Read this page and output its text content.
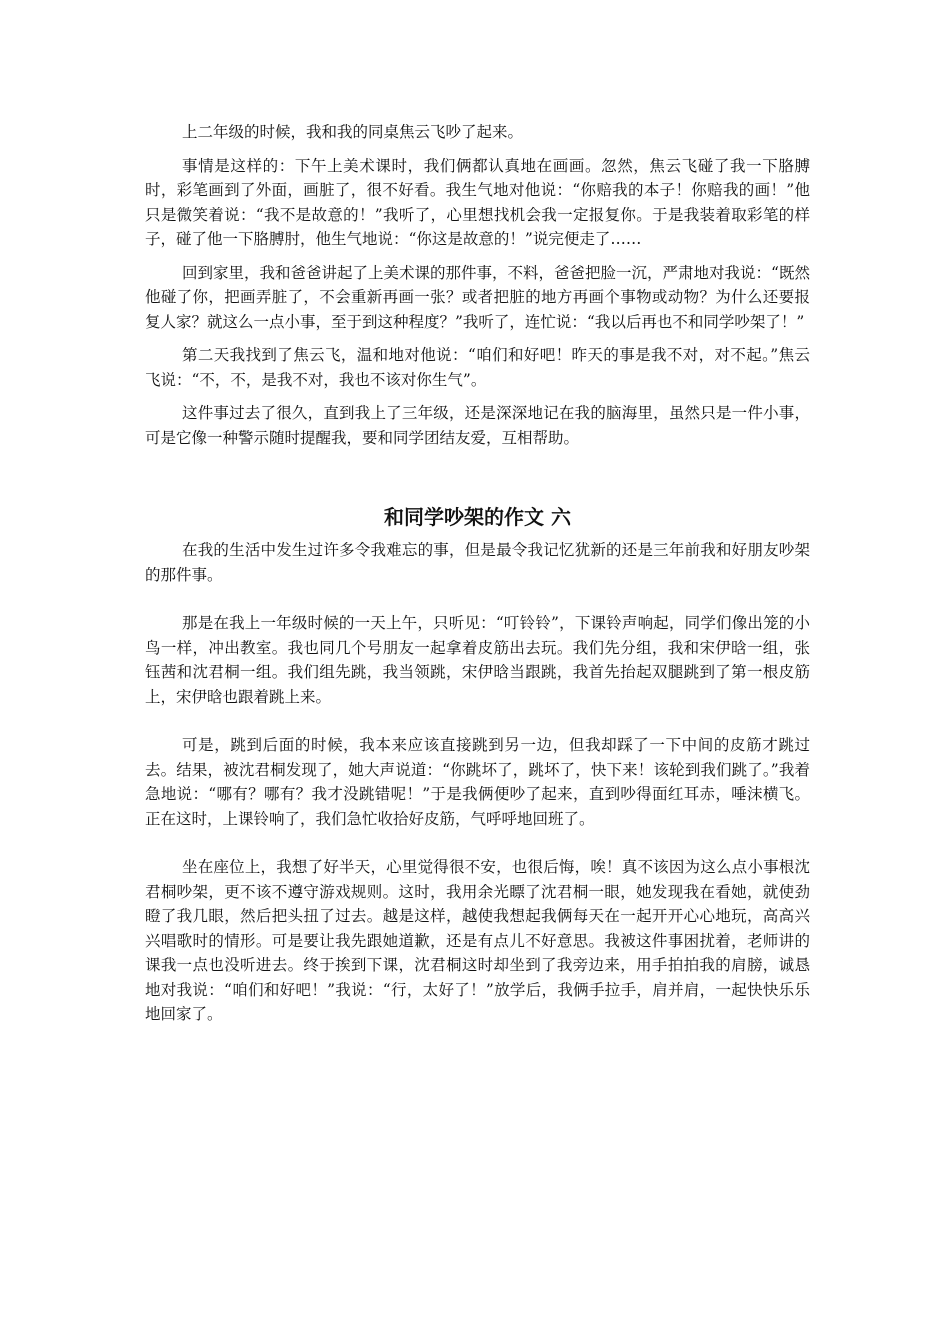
上二年级的时候，我和我的同桌焦云飞吵了起来。

事情是这样的：下午上美术课时，我们俩都认真地在画画。忽然，焦云飞碰了我一下胳膊时，彩笔画到了外面，画脏了，很不好看。我生气地对他说：“你赔我的本子！你赔我的画！”他只是微笑着说：“我不是故意的！”我听了，心里想找机会我一定报复你。于是我装着取彩笔的样子，碰了他一下胳膊肘，他生气地说：“你这是故意的！”说完便走了……

回到家里，我和爸爸讲起了上美术课的那件事，不料，爸爸把脸一沉，严肃地对我说：“既然他碰了你，把画弄脏了，不会重新再画一张？或者把脏的地方再画个事物或动物？为什么还要报复人家？就这么一点小事，至于到这种程度？”我听了，连忙说：“我以后再也不和同学吵架了！”

第二天我找到了焦云飞，温和地对他说：“咱们和好吧！昨天的事是我不对，对不起。”焦云飞说：“不，不，是我不对，我也不该对你生气”。

这件事过去了很久，直到我上了三年级，还是深深地记在我的脑海里，虽然只是一件小事，可是它像一种警示随时提醒我，要和同学团结友爱，互相帮助。

和同学吵架的作文 六

在我的生活中发生过许多令我难忘的事，但是最令我记忆犹新的还是三年前我和好朋友吵架的那件事。

那是在我上一年级时候的一天上午，只听见：“叮铃铃”，下课铃声响起，同学们像出笼的小鸟一样，冲出教室。我也同几个号朋友一起拿着皮筋出去玩。我们先分组，我和宋伊晗一组，张钰茜和沈君桐一组。我们组先跳，我当领跳，宋伊晗当跟跳，我首先抬起双腿跳到了第一根皮筋上，宋伊晗也跟着跳上来。

可是，跳到后面的时候，我本来应该直接跳到另一边，但我却踩了一下中间的皮筋才跳过去。结果，被沈君桐发现了，她大声说道：“你跳坏了，跳坏了，快下来！该轮到我们跳了。”我着急地说：“哪有？哪有？我才没跳错呢！”于是我俩便吵了起来，直到吵得面红耳赤，唾沫横飞。正在这时，上课铃响了，我们急忙收拾好皮筋，气呼呼地回班了。

坐在座位上，我想了好半天，心里觉得很不安，也很后悔，唉！真不该因为这么点小事根沈君桐吵架，更不该不遵守游戏规则。这时，我用余光瞟了沈君桐一眼，她发现我在看她，就使劲瞪了我几眼，然后把头扭了过去。越是这样，越使我想起我俩每天在一起开开心心地玩，高高兴兴唱歌时的情形。可是要让我先跟她道歉，还是有点儿不好意思。我被这件事困扰着，老师讲的课我一点也没听进去。终于挨到下课，沈君桐这时却坐到了我旁边来，用手拍拍我的肩膀，诚恳地对我说：“咱们和好吧！”我说：“行，太好了！”放学后，我俩手拉手，肩并肩，一起快快乐乐地回家了。
